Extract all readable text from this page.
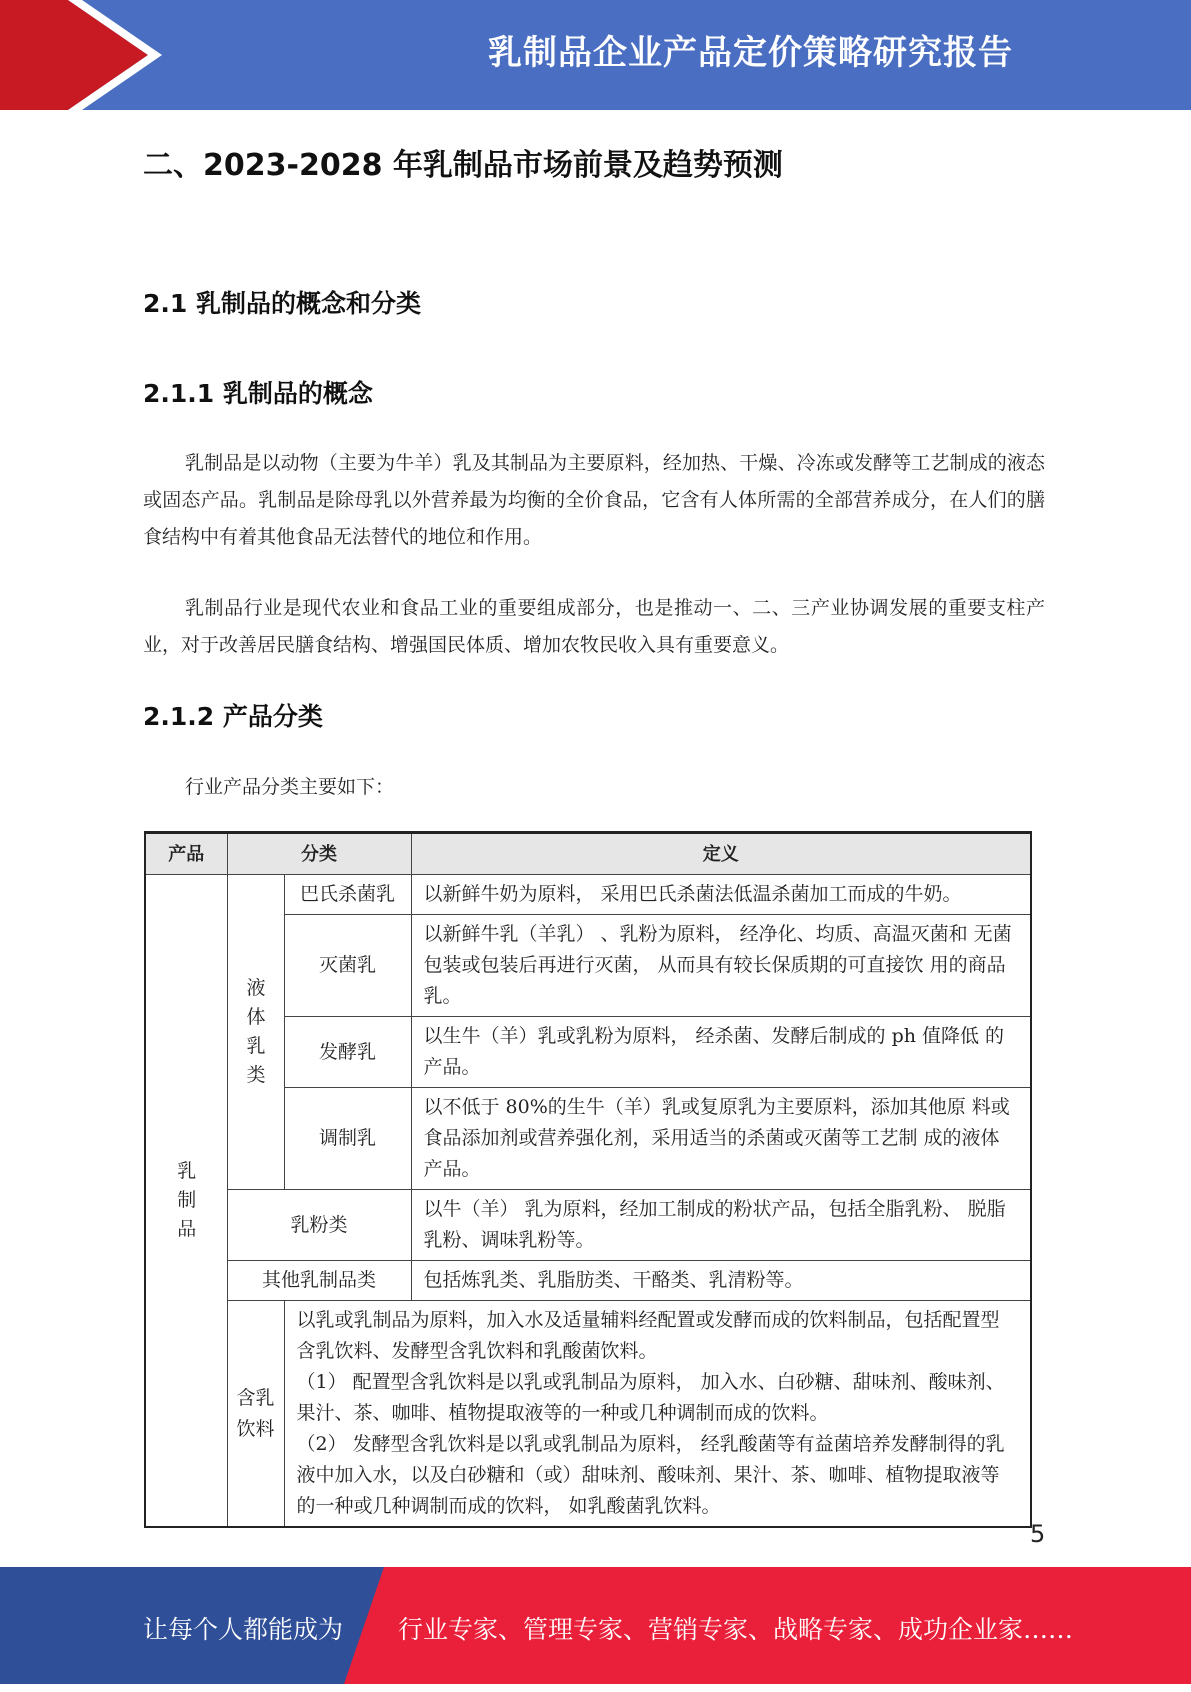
乳制品企业产品定价策略研究报告
二、2023-2028 年乳制品市场前景及趋势预测
2.1 乳制品的概念和分类
2.1.1 乳制品的概念
乳制品是以动物（主要为牛羊）乳及其制品为主要原料，经加热、干燥、冷冻或发酵等工艺制成的液态或固态产品。乳制品是除母乳以外营养最为均衡的全价食品，它含有人体所需的全部营养成分，在人们的膳食结构中有着其他食品无法替代的地位和作用。
乳制品行业是现代农业和食品工业的重要组成部分，也是推动一、二、三产业协调发展的重要支柱产业，对于改善居民膳食结构、增强国民体质、增加农牧民收入具有重要意义。
2.1.2 产品分类
行业产品分类主要如下：
产品	分类		定义

乳制品	液体乳类	巴氏杀菌乳	以新鲜牛奶为原料， 采用巴氏杀菌法低温杀菌加工而成的牛奶。
		灭菌乳	以新鲜牛乳（羊乳） 、乳粉为原料， 经净化、均质、高温灭菌和 无菌包装或包装后再进行灭菌， 从而具有较长保质期的可直接饮 用的商品乳。
		发酵乳	以生牛（羊）乳或乳粉为原料， 经杀菌、发酵后制成的 ph 值降低 的产品。
		调制乳	以不低于 80%的生牛（羊）乳或复原乳为主要原料，添加其他原 料或食品添加剂或营养强化剂，采用适当的杀菌或灭菌等工艺制 成的液体产品。
	乳粉类		以牛（羊） 乳为原料，经加工制成的粉状产品，包括全脂乳粉、 脱脂乳粉、调味乳粉等。
	其他乳制品类		包括炼乳类、乳脂肪类、干酪类、乳清粉等。

	含乳饮料	以乳或乳制品为原料，加入水及适量辅料经配置或发酵而成的饮料制品，包括配置型含乳饮料、发酵型含乳饮料和乳酸菌饮料。
（1） 配置型含乳饮料是以乳或乳制品为原料， 加入水、白砂糖、甜味剂、酸味剂、 果汁、茶、咖啡、植物提取液等的一种或几种调制而成的饮料。
（2） 发酵型含乳饮料是以乳或乳制品为原料， 经乳酸菌等有益菌培养发酵制得的乳 液中加入水，以及白砂糖和（或）甜味剂、酸味剂、果汁、茶、咖啡、植物提取液等 的一种或几种调制而成的饮料， 如乳酸菌乳饮料。	
5
让每个人都能成为 行业专家、管理专家、营销专家、战略专家、成功企业家……
